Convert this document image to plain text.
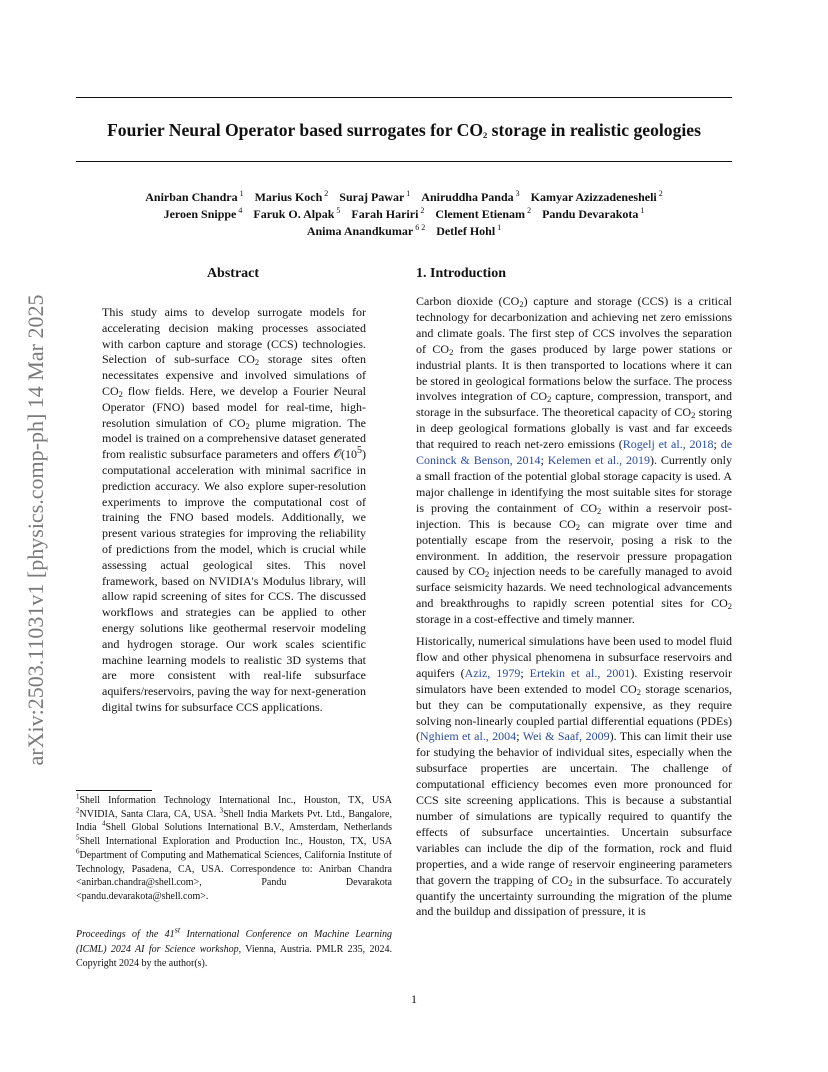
Fourier Neural Operator based surrogates for $CO_2$ storage in realistic geologies
Anirban Chandra $^1$ Marius Koch $^2$ Suraj Pawar $^1$ Aniruddha Panda $^3$ Kamyar Azizzadenesheli $^2$
Jeroen Snippe $^4$ Faruk O. Alpak $^5$ Farah Hariri $^2$ Clement Etienam $^2$ Pandu Devarakota $^1$
Anima Anandkumar $^{6 2}$ Detlef Hohl $^1$
arXiv:2503.11031v1 [physics.comp-ph] 14 Mar 2025
Abstract

This study aims to develop surrogate models for accelerating decision making processes associated with carbon capture and storage (CCS) technologies. Selection of sub-surface $CO_2$ storage sites often necessitates expensive and involved simulations of $CO_2$ flow fields. Here, we develop a Fourier Neural Operator (FNO) based model for real-time, high-resolution simulation of $CO_2$ plume migration. The model is trained on a comprehensive dataset generated from realistic subsurface parameters and offers $𝒪(10^5)$ computational acceleration with minimal sacrifice in prediction accuracy. We also explore super-resolution experiments to improve the computational cost of training the FNO based models. Additionally, we present various strategies for improving the reliability of predictions from the model, which is crucial while assessing actual geological sites. This novel framework, based on NVIDIA's Modulus library, will allow rapid screening of sites for CCS. The discussed workflows and strategies can be applied to other energy solutions like geothermal reservoir modeling and hydrogen storage. Our work scales scientific machine learning models to realistic 3D systems that are more consistent with real-life subsurface aquifers/reservoirs, paving the way for next-generation digital twins for subsurface CCS applications.

$^1$Shell Information Technology International Inc., Houston, TX, USA $^2$NVIDIA, Santa Clara, CA, USA. $^3$Shell India Markets Pvt. Ltd., Bangalore, India $^4$Shell Global Solutions International B.V., Amsterdam, Netherlands $^5$Shell International Exploration and Production Inc., Houston, TX, USA $^6$Department of Computing and Mathematical Sciences, California Institute of Technology, Pasadena, CA, USA. Correspondence to: Anirban Chandra <anirban.chandra@shell.com>, Pandu Devarakota <pandu.devarakota@shell.com>.

Proceedings of the 41st International Conference on Machine Learning (ICML) 2024 AI for Science workshop, Vienna, Austria. PMLR 235, 2024. Copyright 2024 by the author(s).

1. Introduction

Carbon dioxide $(CO_2)$ capture and storage (CCS) is a critical technology for decarbonization and achieving net zero emissions and climate goals. The first step of CCS involves the separation of $CO_2$ from the gases produced by large power stations or industrial plants. It is then transported to locations where it can be stored in geological formations below the surface. The process involves integration of $CO_2$ capture, compression, transport, and storage in the subsurface. The theoretical capacity of $CO_2$ storing in deep geological formations globally is vast and far exceeds that required to reach net-zero emissions (Rogelj et al., 2018; de Coninck & Benson, 2014; Kelemen et al., 2019). Currently only a small fraction of the potential global storage capacity is used. A major challenge in identifying the most suitable sites for storage is proving the containment of $CO_2$ within a reservoir post-injection. This is because $CO_2$ can migrate over time and potentially escape from the reservoir, posing a risk to the environment. In addition, the reservoir pressure propagation caused by $CO_2$ injection needs to be carefully managed to avoid surface seismicity hazards. We need technological advancements and breakthroughs to rapidly screen potential sites for $CO_2$ storage in a cost-effective and timely manner.

Historically, numerical simulations have been used to model fluid flow and other physical phenomena in subsurface reservoirs and aquifers (Aziz, 1979; Ertekin et al., 2001). Existing reservoir simulators have been extended to model $CO_2$ storage scenarios, but they can be computationally expensive, as they require solving non-linearly coupled partial differential equations (PDEs) (Nghiem et al., 2004; Wei & Saaf, 2009). This can limit their use for studying the behavior of individual sites, especially when the subsurface properties are uncertain. The challenge of computational efficiency becomes even more pronounced for CCS site screening applications. This is because a substantial number of simulations are typically required to quantify the effects of subsurface uncertainties. Uncertain subsurface variables can include the dip of the formation, rock and fluid properties, and a wide range of reservoir engineering parameters that govern the trapping of $CO_2$ in the subsurface. To accurately quantify the uncertainty surrounding the migration of the plume and the buildup and dissipation of pressure, it is

1
